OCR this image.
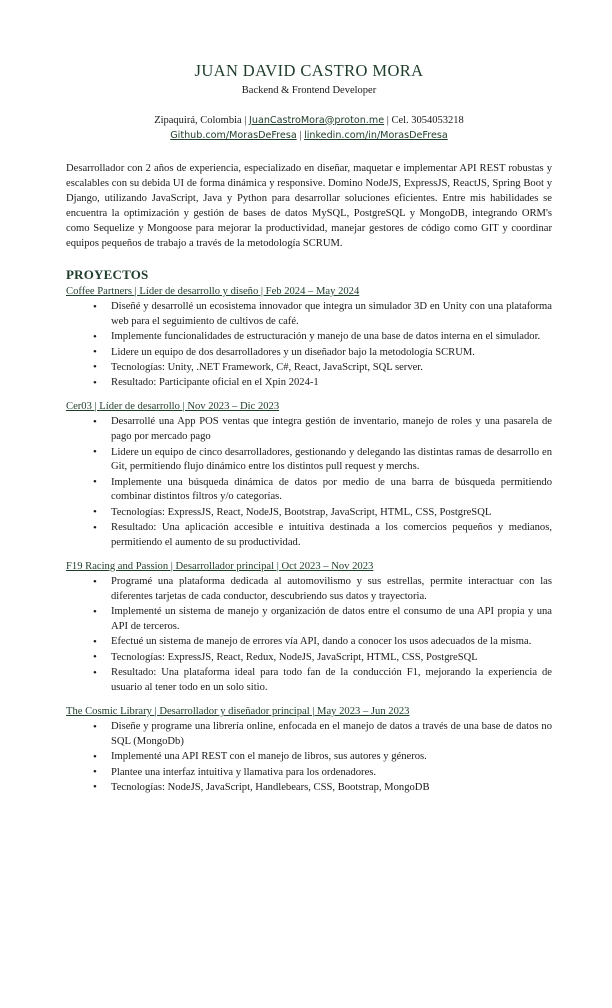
JUAN DAVID CASTRO MORA
Backend & Frontend Developer
Zipaquirá, Colombia | JuanCastroMora@proton.me | Cel. 3054053218
Github.com/MorasDeFresa | linkedin.com/in/MorasDeFresa
Desarrollador con 2 años de experiencia, especializado en diseñar, maquetar e implementar API REST robustas y escalables con su debida UI de forma dinámica y responsive. Domino NodeJS, ExpressJS, ReactJS, Spring Boot y Django, utilizando JavaScript, Java y Python para desarrollar soluciones eficientes. Entre mis habilidades se encuentra la optimización y gestión de bases de datos MySQL, PostgreSQL y MongoDB, integrando ORM's como Sequelize y Mongoose para mejorar la productividad, manejar gestores de código como GIT y coordinar equipos pequeños de trabajo a través de la metodología SCRUM.
PROYECTOS
Coffee Partners | Líder de desarrollo y diseño | Feb 2024 – May 2024
• Diseñé y desarrollé un ecosistema innovador que integra un simulador 3D en Unity con una plataforma web para el seguimiento de cultivos de café.
• Implemente funcionalidades de estructuración y manejo de una base de datos interna en el simulador.
• Lidere un equipo de dos desarrolladores y un diseñador bajo la metodología SCRUM.
• Tecnologías: Unity, .NET Framework, C#, React, JavaScript, SQL server.
• Resultado: Participante oficial en el Xpin 2024-1
Cer03 | Líder de desarrollo | Nov 2023 – Dic 2023
• Desarrollé una App POS ventas que integra gestión de inventario, manejo de roles y una pasarela de pago por mercado pago
• Lidere un equipo de cinco desarrolladores, gestionando y delegando las distintas ramas de desarrollo en Git, permitiendo flujo dinámico entre los distintos pull request y merchs.
• Implemente una búsqueda dinámica de datos por medio de una barra de búsqueda permitiendo combinar distintos filtros y/o categorías.
• Tecnologías: ExpressJS, React, NodeJS, Bootstrap, JavaScript, HTML, CSS, PostgreSQL
• Resultado: Una aplicación accesible e intuitiva destinada a los comercios pequeños y medianos, permitiendo el aumento de su productividad.
F19 Racing and Passion | Desarrollador principal | Oct 2023 – Nov 2023
• Programé una plataforma dedicada al automovilismo y sus estrellas, permite interactuar con las diferentes tarjetas de cada conductor, descubriendo sus datos y trayectoria.
• Implementé un sistema de manejo y organización de datos entre el consumo de una API propia y una API de terceros.
• Efectué un sistema de manejo de errores vía API, dando a conocer los usos adecuados de la misma.
• Tecnologías: ExpressJS, React, Redux, NodeJS, JavaScript, HTML, CSS, PostgreSQL
• Resultado: Una plataforma ideal para todo fan de la conducción F1, mejorando la experiencia de usuario al tener todo en un solo sitio.
The Cosmic Library | Desarrollador y diseñador principal | May 2023 – Jun 2023
• Diseñe y programe una librería online, enfocada en el manejo de datos a través de una base de datos no SQL (MongoDb)
• Implementé una API REST con el manejo de libros, sus autores y géneros.
• Plantee una interfaz intuitiva y llamativa para los ordenadores.
• Tecnologías: NodeJS, JavaScript, Handlebears, CSS, Bootstrap, MongoDB
